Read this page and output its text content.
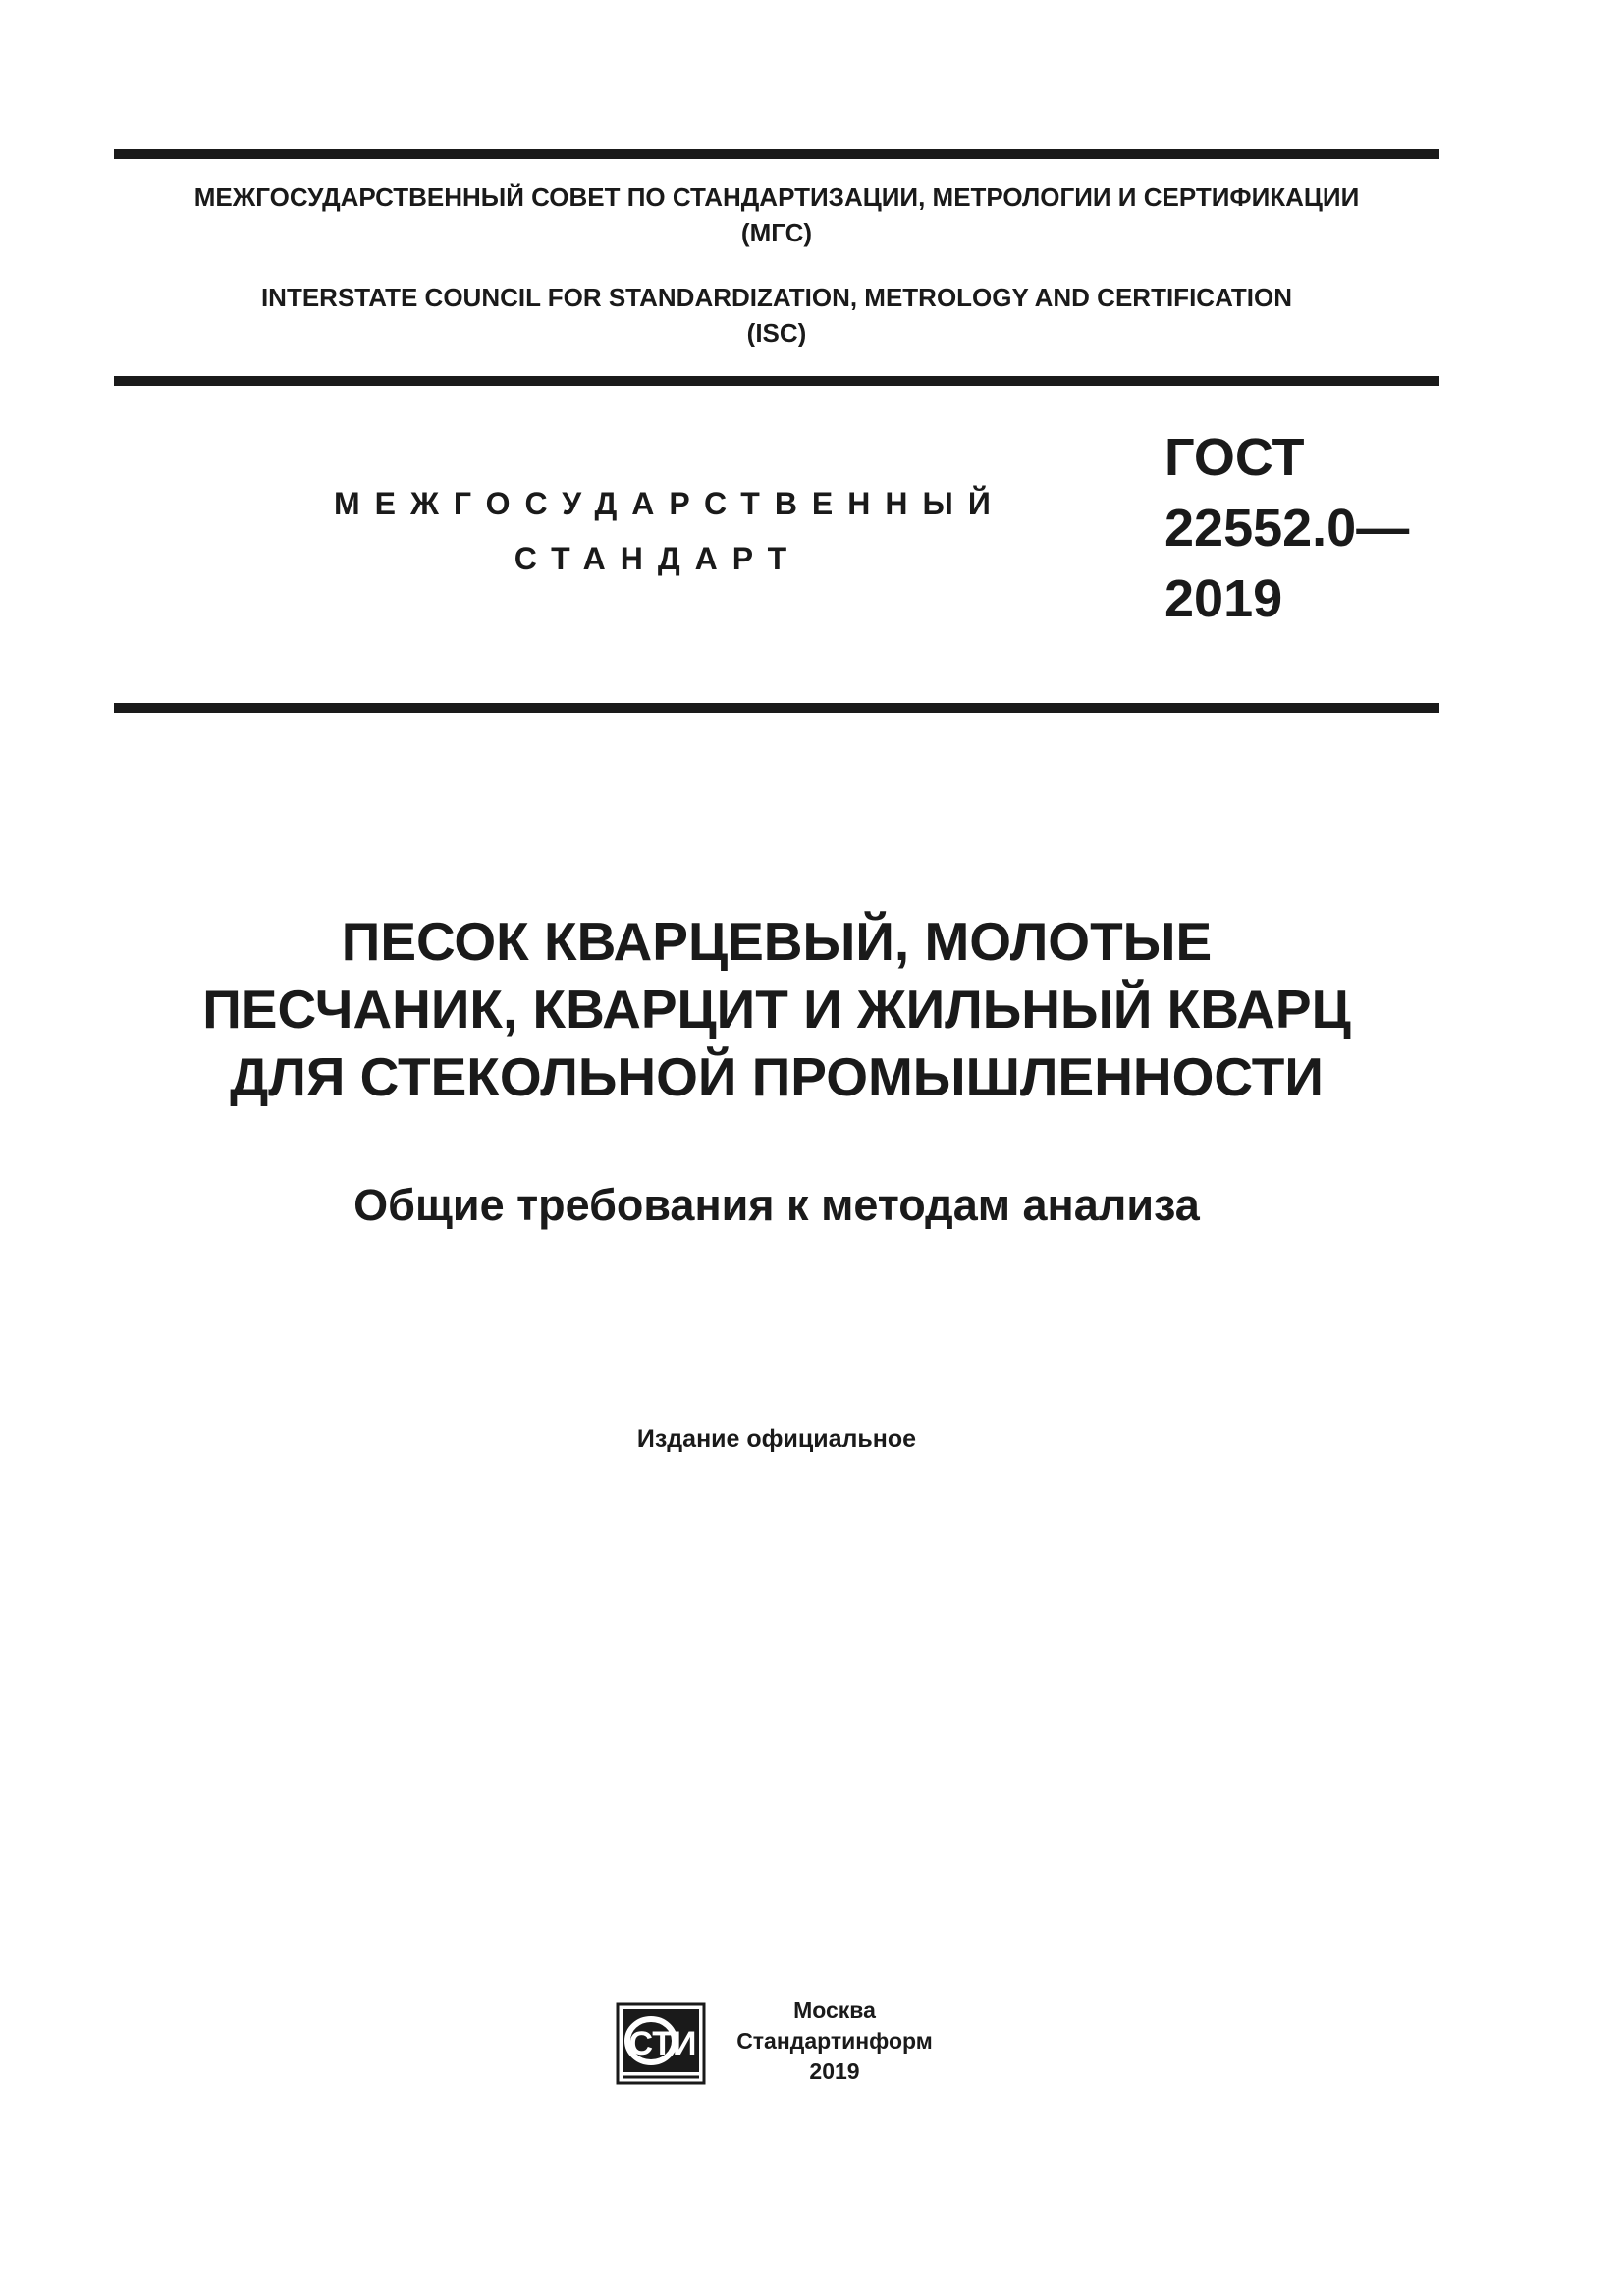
МЕЖГОСУДАРСТВЕННЫЙ СОВЕТ ПО СТАНДАРТИЗАЦИИ, МЕТРОЛОГИИ И СЕРТИФИКАЦИИ
(МГС)
INTERSTATE COUNCIL FOR STANDARDIZATION, METROLOGY AND CERTIFICATION
(ISC)
МЕЖГОСУДАРСТВЕННЫЙ
СТАНДАРТ
ГОСТ
22552.0—
2019
ПЕСОК КВАРЦЕВЫЙ, МОЛОТЫЕ
ПЕСЧАНИК, КВАРЦИТ И ЖИЛЬНЫЙ КВАРЦ
ДЛЯ СТЕКОЛЬНОЙ ПРОМЫШЛЕННОСТИ
Общие требования к методам анализа
Издание официальное
СТИ
Москва
Стандартинформ
2019
